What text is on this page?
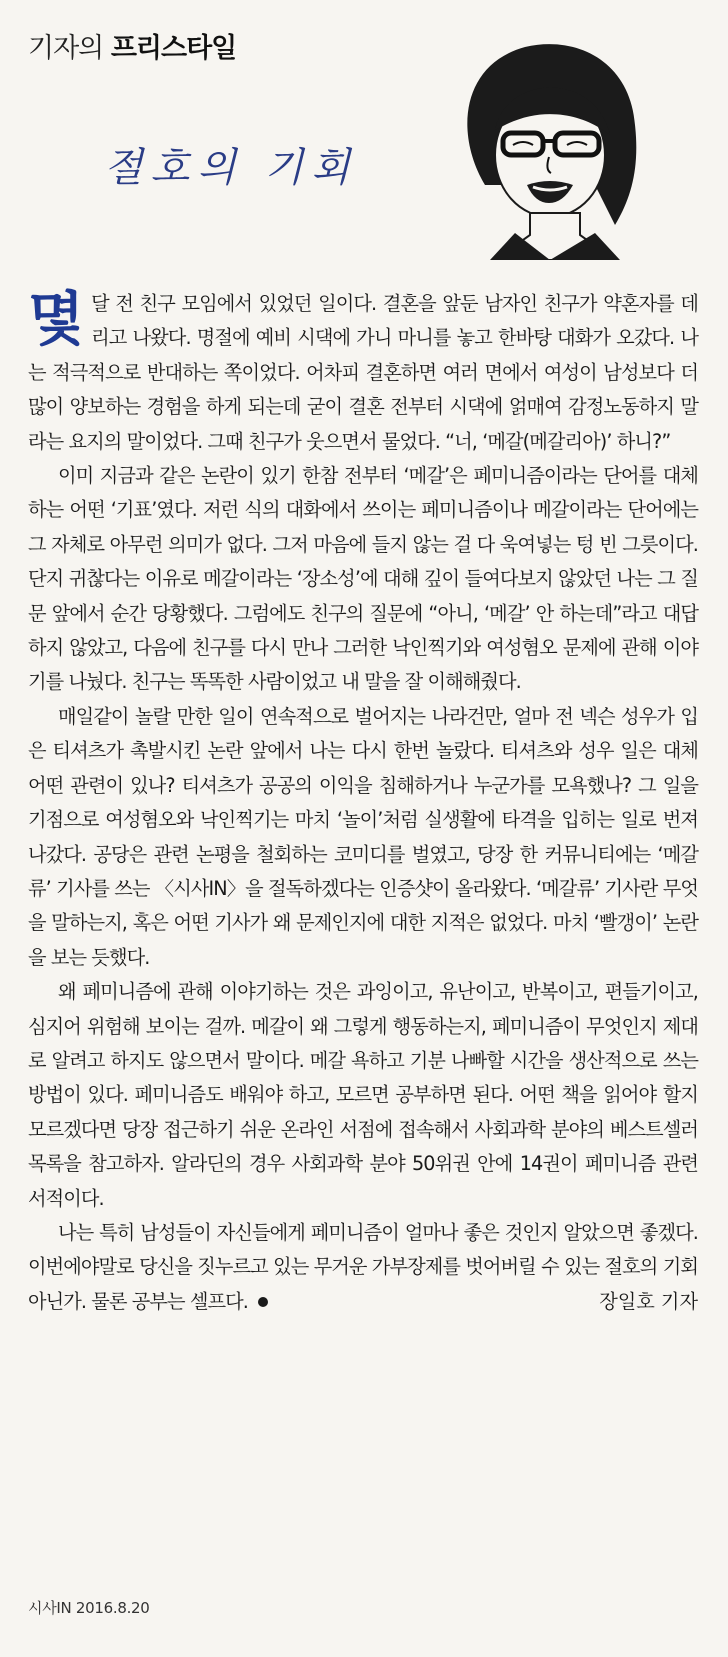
기자의 프리스타일
절호의 기회

몇달 전 친구 모임에서 있었던 일이다. 결혼을 앞둔 남자인 친구가 약혼자를 데리고 나왔다. 명절에 예비 시댁에 가니 마니를 놓고 한바탕 대화가 오갔다. 나는 적극적으로 반대하는 쪽이었다. 어차피 결혼하면 여러 면에서 여성이 남성보다 더 많이 양보하는 경험을 하게 되는데 굳이 결혼 전부터 시댁에 얽매여 감정노동하지 말라는 요지의 말이었다. 그때 친구가 웃으면서 물었다. “너, ‘메갈(메갈리아)’ 하니?”

이미 지금과 같은 논란이 있기 한참 전부터 ‘메갈’은 페미니즘이라는 단어를 대체하는 어떤 ‘기표’였다. 저런 식의 대화에서 쓰이는 페미니즘이나 메갈이라는 단어에는 그 자체로 아무런 의미가 없다. 그저 마음에 들지 않는 걸 다 욱여넣는 텅 빈 그릇이다. 단지 귀찮다는 이유로 메갈이라는 ‘장소성’에 대해 깊이 들여다보지 않았던 나는 그 질문 앞에서 순간 당황했다. 그럼에도 친구의 질문에 “아니, ‘메갈’ 안 하는데”라고 대답하지 않았고, 다음에 친구를 다시 만나 그러한 낙인찍기와 여성혐오 문제에 관해 이야기를 나눴다. 친구는 똑똑한 사람이었고 내 말을 잘 이해해줬다.

매일같이 놀랄 만한 일이 연속적으로 벌어지는 나라건만, 얼마 전 넥슨 성우가 입은 티셔츠가 촉발시킨 논란 앞에서 나는 다시 한번 놀랐다. 티셔츠와 성우 일은 대체 어떤 관련이 있나? 티셔츠가 공공의 이익을 침해하거나 누군가를 모욕했나? 그 일을 기점으로 여성혐오와 낙인찍기는 마치 ‘놀이’처럼 실생활에 타격을 입히는 일로 번져나갔다. 공당은 관련 논평을 철회하는 코미디를 벌였고, 당장 한 커뮤니티에는 ‘메갈류’ 기사를 쓰는 〈시사IN〉을 절독하겠다는 인증샷이 올라왔다. ‘메갈류’ 기사란 무엇을 말하는지, 혹은 어떤 기사가 왜 문제인지에 대한 지적은 없었다. 마치 ‘빨갱이’ 논란을 보는 듯했다.

왜 페미니즘에 관해 이야기하는 것은 과잉이고, 유난이고, 반복이고, 편들기이고, 심지어 위험해 보이는 걸까. 메갈이 왜 그렇게 행동하는지, 페미니즘이 무엇인지 제대로 알려고 하지도 않으면서 말이다. 메갈 욕하고 기분 나빠할 시간을 생산적으로 쓰는 방법이 있다. 페미니즘도 배워야 하고, 모르면 공부하면 된다. 어떤 책을 읽어야 할지 모르겠다면 당장 접근하기 쉬운 온라인 서점에 접속해서 사회과학 분야의 베스트셀러 목록을 참고하자. 알라딘의 경우 사회과학 분야 50위권 안에 14권이 페미니즘 관련 서적이다.

나는 특히 남성들이 자신들에게 페미니즘이 얼마나 좋은 것인지 알았으면 좋겠다. 이번에야말로 당신을 짓누르고 있는 무거운 가부장제를 벗어버릴 수 있는 절호의 기회 아닌가. 물론 공부는 셀프다.	장일호 기자

시사IN 2016.8.20
